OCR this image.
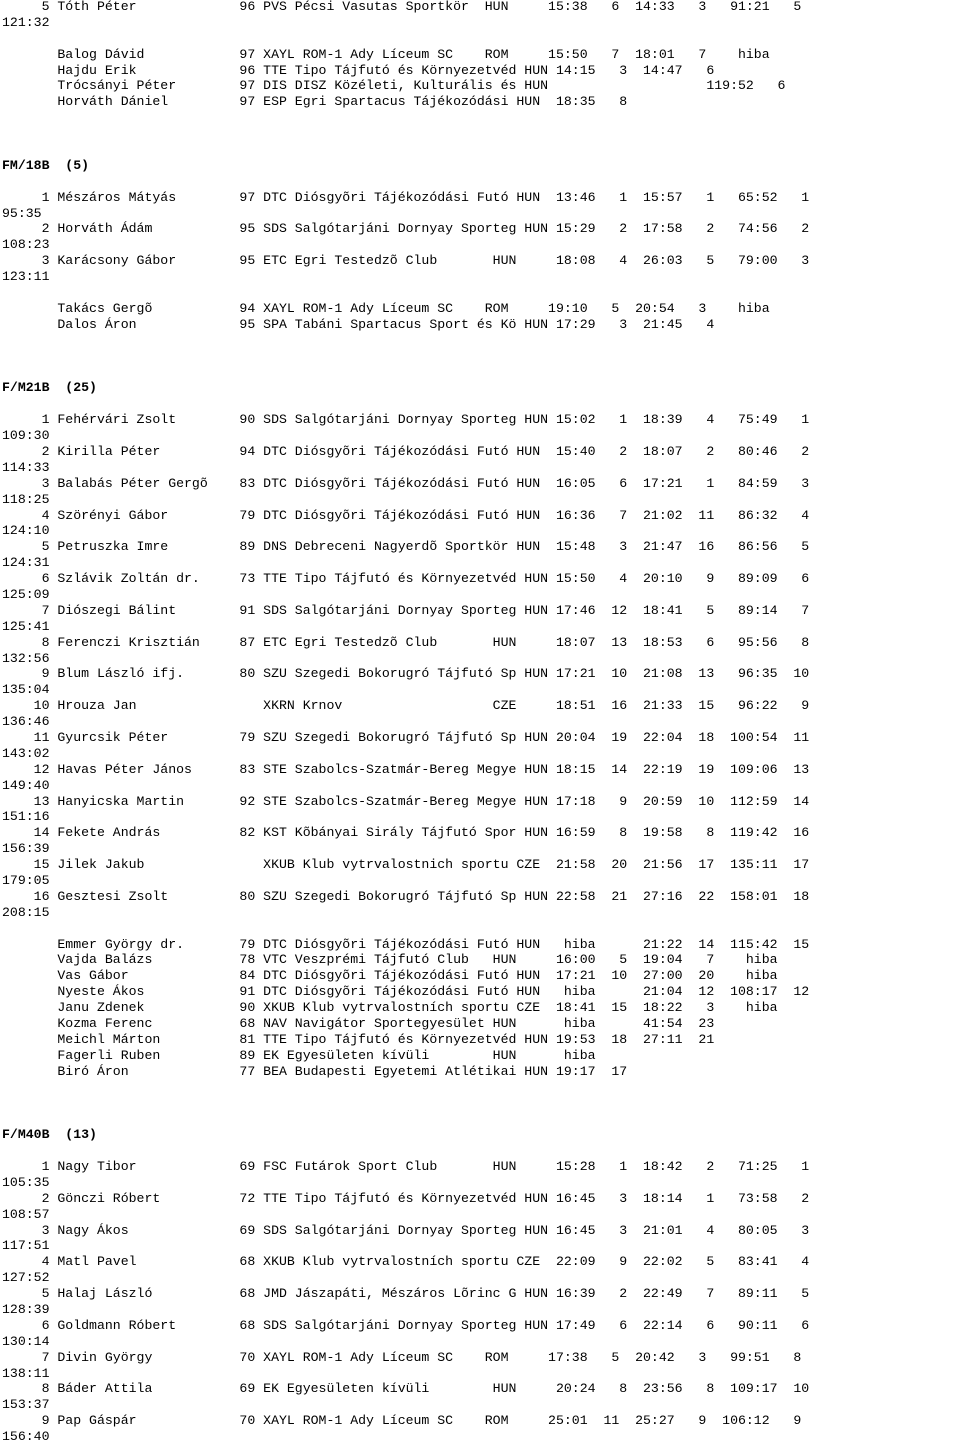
5 Tóth Péter             96 PVS Pécsi Vasutas Sportkör  HUN     15:38   6  14:33   3   91:21   5
121:32
Balog Dávid            97 XAYL ROM-1 Ady Líceum SC    ROM     15:50   7  18:01   7    hiba
Hajdu Erik             96 TTE Tipo Tájfutó és Környezetvéd HUN 14:15   3  14:47   6
Trócsányi Péter        97 DIS DISZ Közéleti, Kulturális és HUN                    119:52   6
Horváth Dániel         97 ESP Egri Spartacus Tájékozódási HUN  18:35   8
FM/18B  (5)
1 Mészáros Mátyás        97 DTC Diósgyõri Tájékozódási Futó HUN  13:46   1  15:57   1   65:52   1
95:35
2 Horváth Ádám           95 SDS Salgótarjáni Dornyay Sporteg HUN 15:29   2  17:58   2   74:56   2
108:23
3 Karácsony Gábor        95 ETC Egri Testedzõ Club       HUN     18:08   4  26:03   5   79:00   3
123:11
Takács Gergõ           94 XAYL ROM-1 Ady Líceum SC    ROM     19:10   5  20:54   3    hiba
Dalos Áron             95 SPA Tabáni Spartacus Sport és Kö HUN 17:29   3  21:45   4
F/M21B  (25)
1 Fehérvári Zsolt        90 SDS Salgótarjáni Dornyay Sporteg HUN 15:02   1  18:39   4   75:49   1
109:30
2 Kirilla Péter          94 DTC Diósgyõri Tájékozódási Futó HUN  15:40   2  18:07   2   80:46   2
114:33
3 Balabás Péter Gergõ    83 DTC Diósgyõri Tájékozódási Futó HUN  16:05   6  17:21   1   84:59   3
118:25
4 Szörényi Gábor         79 DTC Diósgyõri Tájékozódási Futó HUN  16:36   7  21:02  11   86:32   4
124:10
5 Petruszka Imre         89 DNS Debreceni Nagyerdõ Sportkör HUN  15:48   3  21:47  16   86:56   5
124:31
6 Szlávik Zoltán dr.     73 TTE Tipo Tájfutó és Környezetvéd HUN 15:50   4  20:10   9   89:09   6
125:09
7 Diószegi Bálint        91 SDS Salgótarjáni Dornyay Sporteg HUN 17:46  12  18:41   5   89:14   7
125:41
8 Ferenczi Krisztián     87 ETC Egri Testedzõ Club       HUN     18:07  13  18:53   6   95:56   8
132:56
9 Blum László ifj.       80 SZU Szegedi Bokorugró Tájfutó Sp HUN 17:21  10  21:08  13   96:35  10
135:04
10 Hrouza Jan                XKRN Krnov                   CZE     18:51  16  21:33  15   96:22   9
136:46
11 Gyurcsik Péter         79 SZU Szegedi Bokorugró Tájfutó Sp HUN 20:04  19  22:04  18  100:54  11
143:02
12 Havas Péter János      83 STE Szabolcs-Szatmár-Bereg Megye HUN 18:15  14  22:19  19  109:06  13
149:40
13 Hanyicska Martin       92 STE Szabolcs-Szatmár-Bereg Megye HUN 17:18   9  20:59  10  112:59  14
151:16
14 Fekete András          82 KST Kõbányai Sirály Tájfutó Spor HUN 16:59   8  19:58   8  119:42  16
156:39
15 Jilek Jakub               XKUB Klub vytrvalostnich sportu CZE  21:58  20  21:56  17  135:11  17
179:05
16 Gesztesi Zsolt         80 SZU Szegedi Bokorugró Tájfutó Sp HUN 22:58  21  27:16  22  158:01  18
208:15
Emmer György dr.       79 DTC Diósgyõri Tájékozódási Futó HUN   hiba      21:22  14  115:42  15
Vajda Balázs           78 VTC Veszprémi Tájfutó Club   HUN     16:00   5  19:04   7    hiba
Vas Gábor              84 DTC Diósgyõri Tájékozódási Futó HUN  17:21  10  27:00  20    hiba
Nyeste Ákos            91 DTC Diósgyõri Tájékozódási Futó HUN   hiba      21:04  12  108:17  12
Janu Zdenek            90 XKUB Klub vytrvalostních sportu CZE  18:41  15  18:22   3    hiba
Kozma Ferenc           68 NAV Navigátor Sportegyesület HUN      hiba      41:54  23
Meichl Márton          81 TTE Tipo Tájfutó és Környezetvéd HUN 19:53  18  27:11  21
Fagerli Ruben          89 EK Egyesületen kívüli        HUN      hiba
Biró Áron              77 BEA Budapesti Egyetemi Atlétikai HUN 19:17  17
F/M40B  (13)
1 Nagy Tibor             69 FSC Futárok Sport Club       HUN     15:28   1  18:42   2   71:25   1
105:35
2 Gönczi Róbert          72 TTE Tipo Tájfutó és Környezetvéd HUN 16:45   3  18:14   1   73:58   2
108:57
3 Nagy Ákos              69 SDS Salgótarjáni Dornyay Sporteg HUN 16:45   3  21:01   4   80:05   3
117:51
4 Matl Pavel             68 XKUB Klub vytrvalostních sportu CZE  22:09   9  22:02   5   83:41   4
127:52
5 Halaj László           68 JMD Jászapáti, Mészáros Lõrinc G HUN 16:39   2  22:49   7   89:11   5
128:39
6 Goldmann Róbert        68 SDS Salgótarjáni Dornyay Sporteg HUN 17:49   6  22:14   6   90:11   6
130:14
7 Divin György           70 XAYL ROM-1 Ady Líceum SC    ROM     17:38   5  20:42   3   99:51   8
138:11
8 Báder Attila           69 EK Egyesületen kívüli        HUN     20:24   8  23:56   8  109:17  10
153:37
9 Pap Gáspár             70 XAYL ROM-1 Ady Líceum SC    ROM     25:01  11  25:27   9  106:12   9
156:40
